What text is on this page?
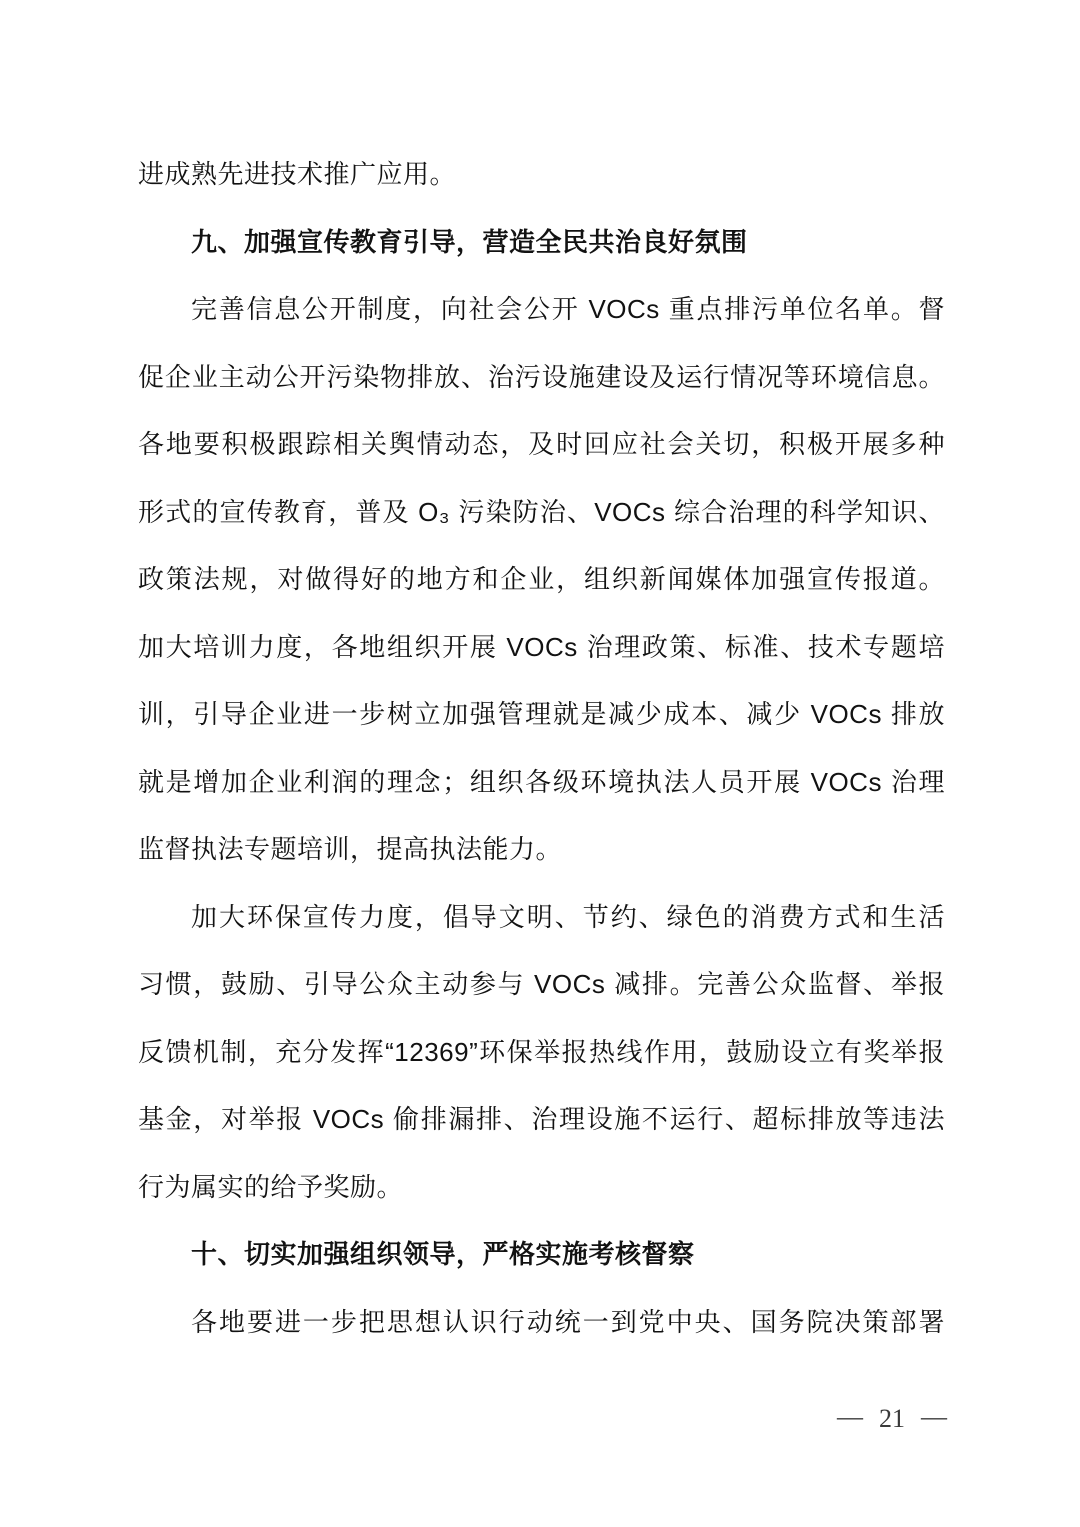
进成熟先进技术推广应用。
九、加强宣传教育引导，营造全民共治良好氛围
完善信息公开制度，向社会公开 VOCs 重点排污单位名单。督
促企业主动公开污染物排放、治污设施建设及运行情况等环境信息。
各地要积极跟踪相关舆情动态，及时回应社会关切，积极开展多种
形式的宣传教育，普及 O₃ 污染防治、VOCs 综合治理的科学知识、
政策法规，对做得好的地方和企业，组织新闻媒体加强宣传报道。
加大培训力度，各地组织开展 VOCs 治理政策、标准、技术专题培
训，引导企业进一步树立加强管理就是减少成本、减少 VOCs 排放
就是增加企业利润的理念；组织各级环境执法人员开展 VOCs 治理
监督执法专题培训，提高执法能力。
加大环保宣传力度，倡导文明、节约、绿色的消费方式和生活
习惯，鼓励、引导公众主动参与 VOCs 减排。完善公众监督、举报
反馈机制，充分发挥“12369”环保举报热线作用，鼓励设立有奖举报
基金，对举报 VOCs 偷排漏排、治理设施不运行、超标排放等违法
行为属实的给予奖励。
十、切实加强组织领导，严格实施考核督察
各地要进一步把思想认识行动统一到党中央、国务院决策部署
— 21 —
